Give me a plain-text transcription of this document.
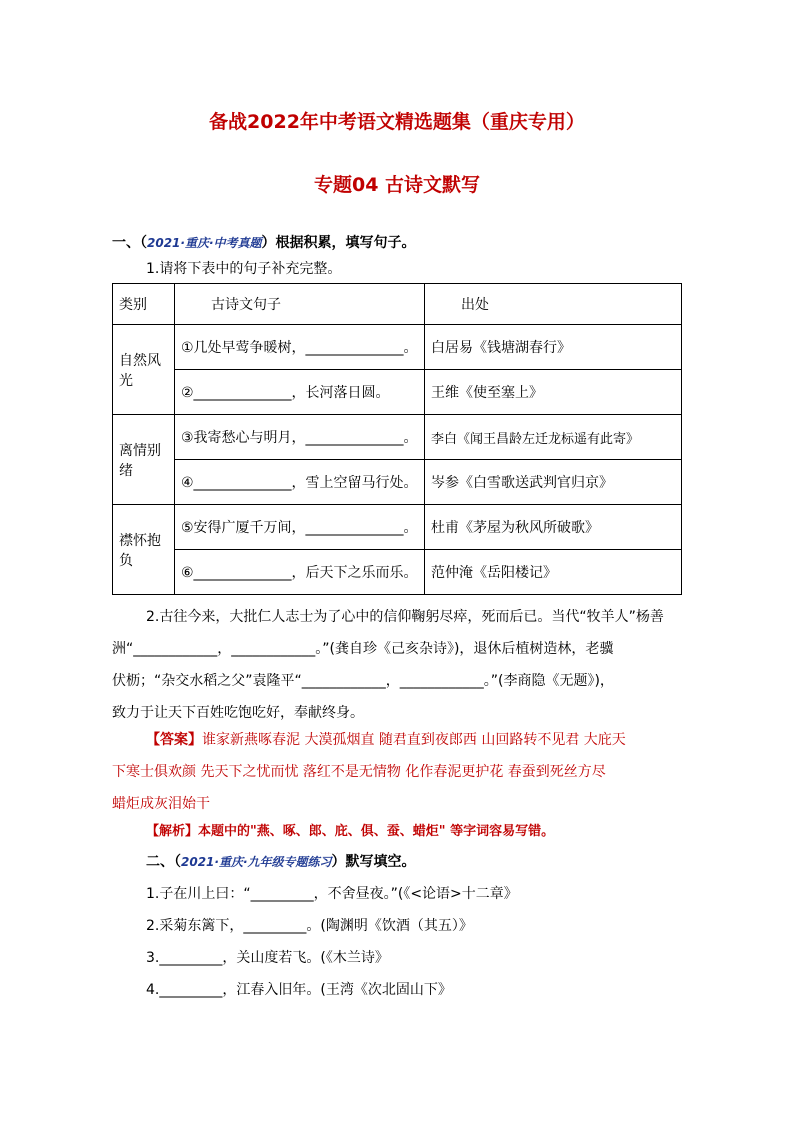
备战2022年中考语文精选题集（重庆专用）
专题04 古诗文默写
一、（2021·重庆·中考真题）根据积累，填写句子。
1.请将下表中的句子补充完整。
类别	古诗文句子	出处
自然风光	①几处早莺争暖树，______________。	白居易《钱塘湖春行》
	②______________，长河落日圆。	王维《使至塞上》
离情别绪	③我寄愁心与明月，______________。	李白《闻王昌龄左迁龙标遥有此寄》
	④______________，雪上空留马行处。	岑参《白雪歌送武判官归京》
襟怀抱负	⑤安得广厦千万间，______________。	杜甫《茅屋为秋风所破歌》
	⑥______________，后天下之乐而乐。	范仲淹《岳阳楼记》

2.古往今来，大批仁人志士为了心中的信仰鞠躬尽瘁，死而后已。当代“牧羊人”杨善

洲“____________，____________。”(龚自珍《己亥杂诗》)，退休后植树造林，老骥

伏枥；“杂交水稻之父”袁隆平“____________，____________。”(李商隐《无题》)，

致力于让天下百姓吃饱吃好，奉献终身。

【答案】谁家新燕啄春泥 大漠孤烟直 随君直到夜郎西 山回路转不见君 大庇天

下寒士俱欢颜 先天下之忧而忧 落红不是无情物 化作春泥更护花 春蚕到死丝方尽

蜡炬成灰泪始干

【解析】本题中的"燕、啄、郎、庇、俱、蚕、蜡炬" 等字词容易写错。
二、（2021·重庆·九年级专题练习）默写填空。

1.子在川上曰：“_________，不舍昼夜。”(《<论语>十二章》

2.采菊东篱下，_________。(陶渊明《饮酒（其五）》

3._________，关山度若飞。(《木兰诗》

4._________，江春入旧年。(王湾《次北固山下》
